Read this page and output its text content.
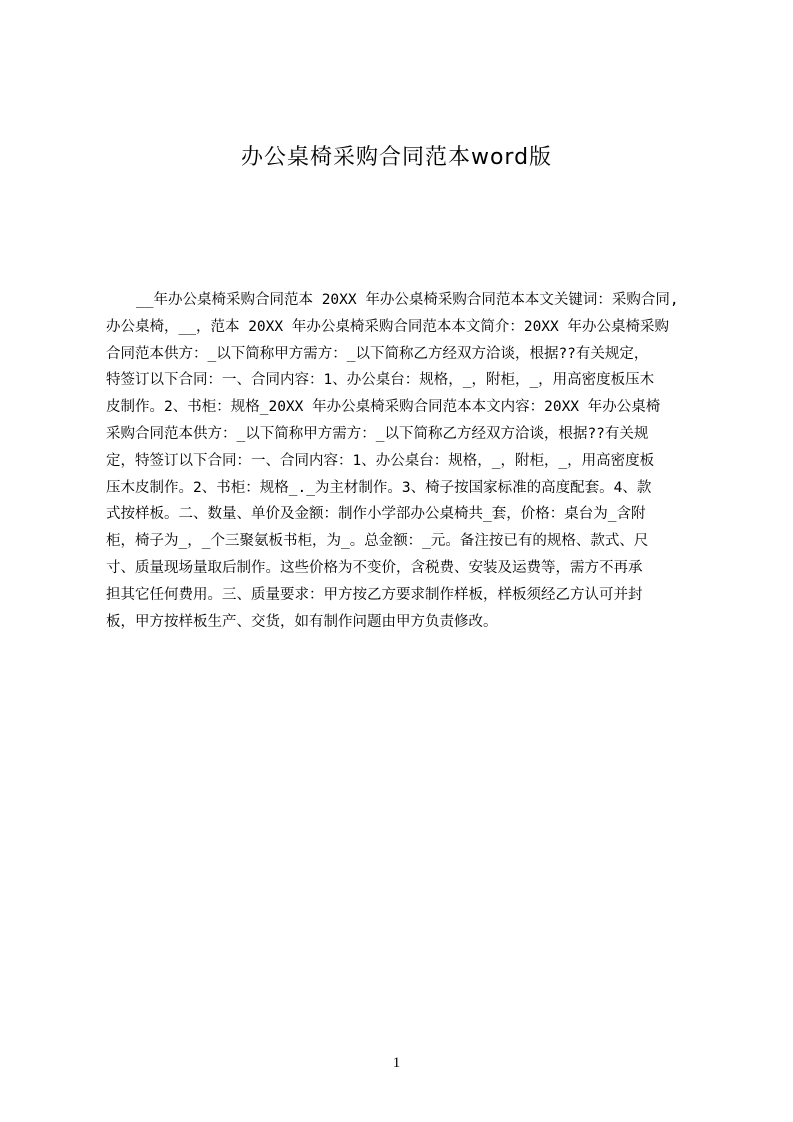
办公桌椅采购合同范本word版
__年办公桌椅采购合同范本 20XX 年办公桌椅采购合同范本本文关键词：采购合同,
办公桌椅，__，范本 20XX 年办公桌椅采购合同范本本文简介：20XX 年办公桌椅采购
合同范本供方：_以下简称甲方需方：_以下简称乙方经双方洽谈，根据??有关规定，
特签订以下合同：一、合同内容：1、办公桌台：规格，_，附柜，_，用高密度板压木
皮制作。2、书柜：规格_20XX 年办公桌椅采购合同范本本文内容：20XX 年办公桌椅
采购合同范本供方：_以下简称甲方需方：_以下简称乙方经双方洽谈，根据??有关规
定，特签订以下合同：一、合同内容：1、办公桌台：规格，_，附柜，_，用高密度板
压木皮制作。2、书柜：规格_._为主材制作。3、椅子按国家标准的高度配套。4、款
式按样板。二、数量、单价及金额：制作小学部办公桌椅共_套，价格：桌台为_含附
柜，椅子为_，_个三聚氨板书柜，为_。总金额：_元。备注按已有的规格、款式、尺
寸、质量现场量取后制作。这些价格为不变价，含税费、安装及运费等，需方不再承
担其它任何费用。三、质量要求：甲方按乙方要求制作样板，样板须经乙方认可并封
板，甲方按样板生产、交货，如有制作问题由甲方负责修改。
1
